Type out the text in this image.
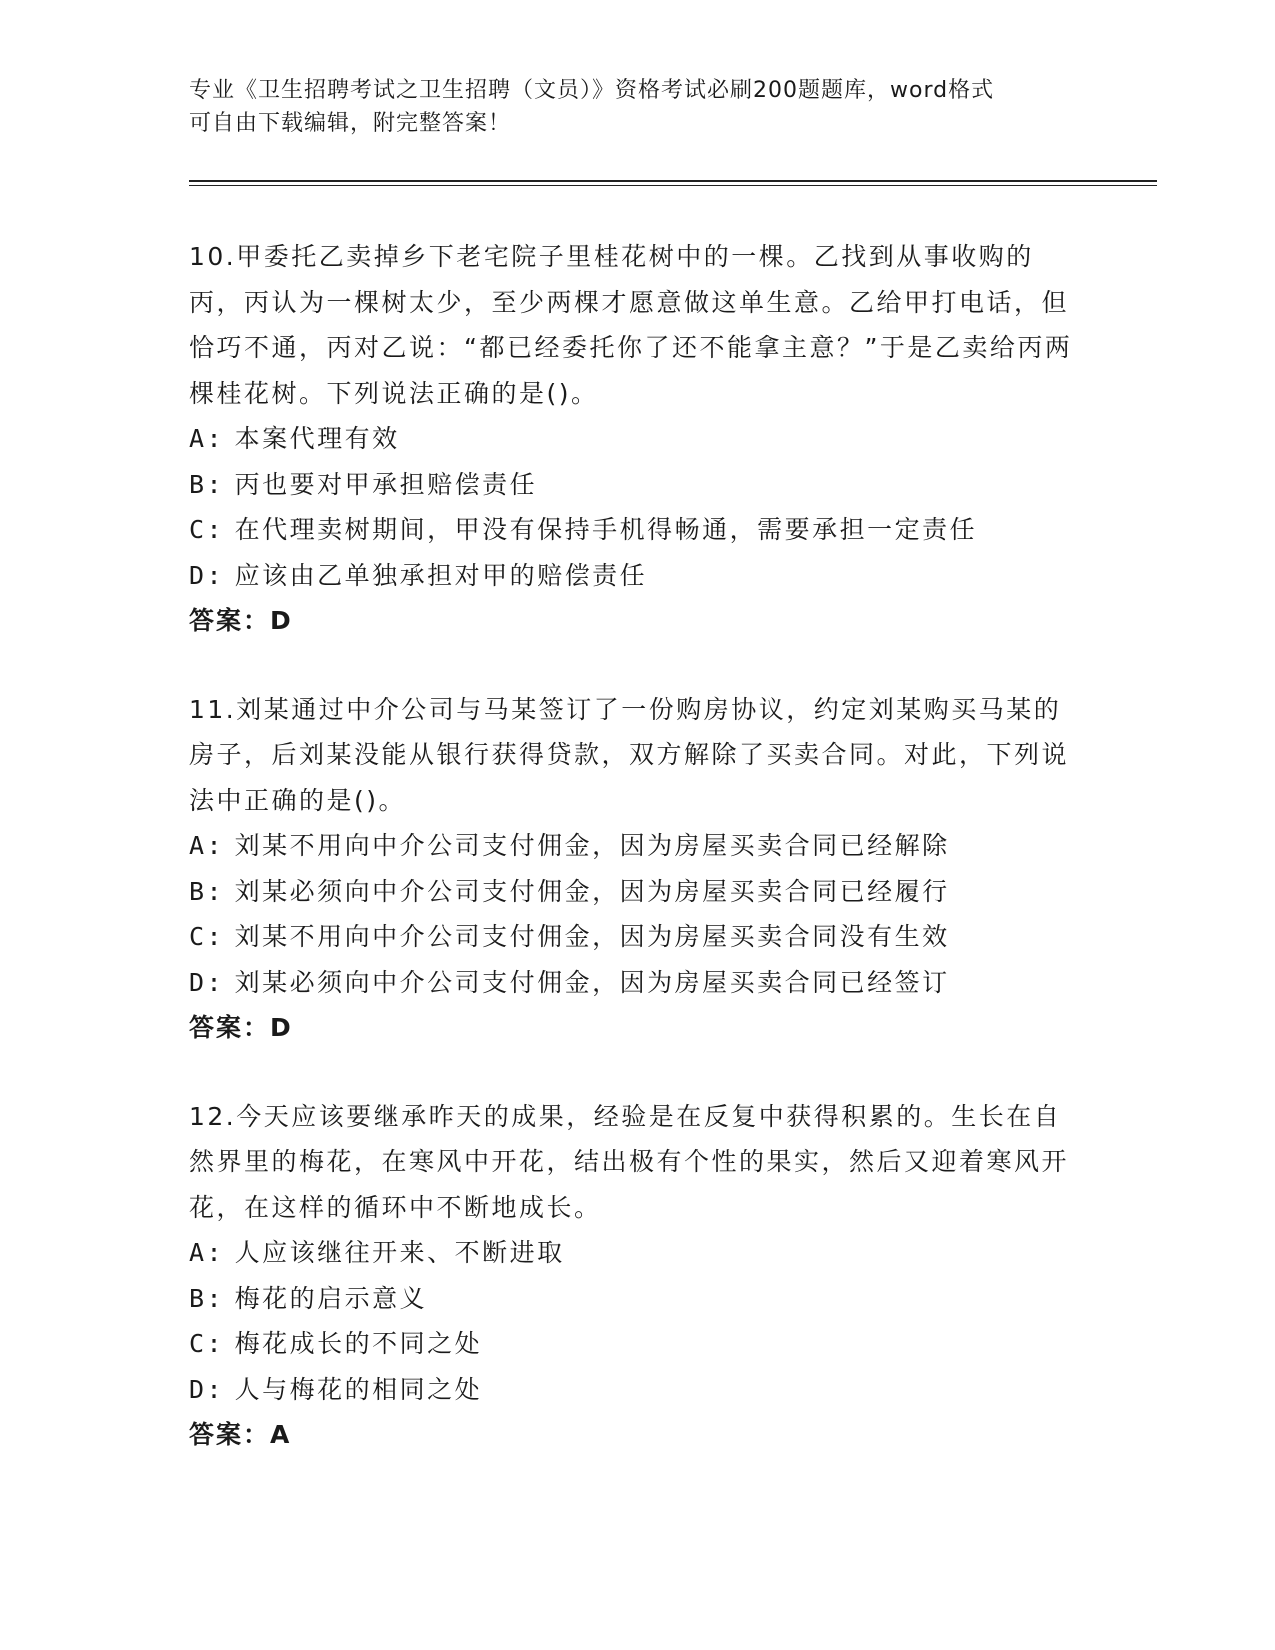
专业《卫生招聘考试之卫生招聘（文员）》资格考试必刷200题题库，word格式
可自由下载编辑，附完整答案！

10.甲委托乙卖掉乡下老宅院子里桂花树中的一棵。乙找到从事收购的丙，丙认为一棵树太少，至少两棵才愿意做这单生意。乙给甲打电话，但恰巧不通，丙对乙说：“都已经委托你了还不能拿主意？”于是乙卖给丙两棵桂花树。下列说法正确的是()。

A: 本案代理有效
B: 丙也要对甲承担赔偿责任
C: 在代理卖树期间，甲没有保持手机得畅通，需要承担一定责任
D: 应该由乙单独承担对甲的赔偿责任
答案：D

11.刘某通过中介公司与马某签订了一份购房协议，约定刘某购买马某的房子，后刘某没能从银行获得贷款，双方解除了买卖合同。对此，下列说法中正确的是()。

A: 刘某不用向中介公司支付佣金，因为房屋买卖合同已经解除
B: 刘某必须向中介公司支付佣金，因为房屋买卖合同已经履行
C: 刘某不用向中介公司支付佣金，因为房屋买卖合同没有生效
D: 刘某必须向中介公司支付佣金，因为房屋买卖合同已经签订
答案：D

12.今天应该要继承昨天的成果，经验是在反复中获得积累的。生长在自然界里的梅花，在寒风中开花，结出极有个性的果实，然后又迎着寒风开花，在这样的循环中不断地成长。

A: 人应该继往开来、不断进取
B: 梅花的启示意义
C: 梅花成长的不同之处
D: 人与梅花的相同之处
答案：A
